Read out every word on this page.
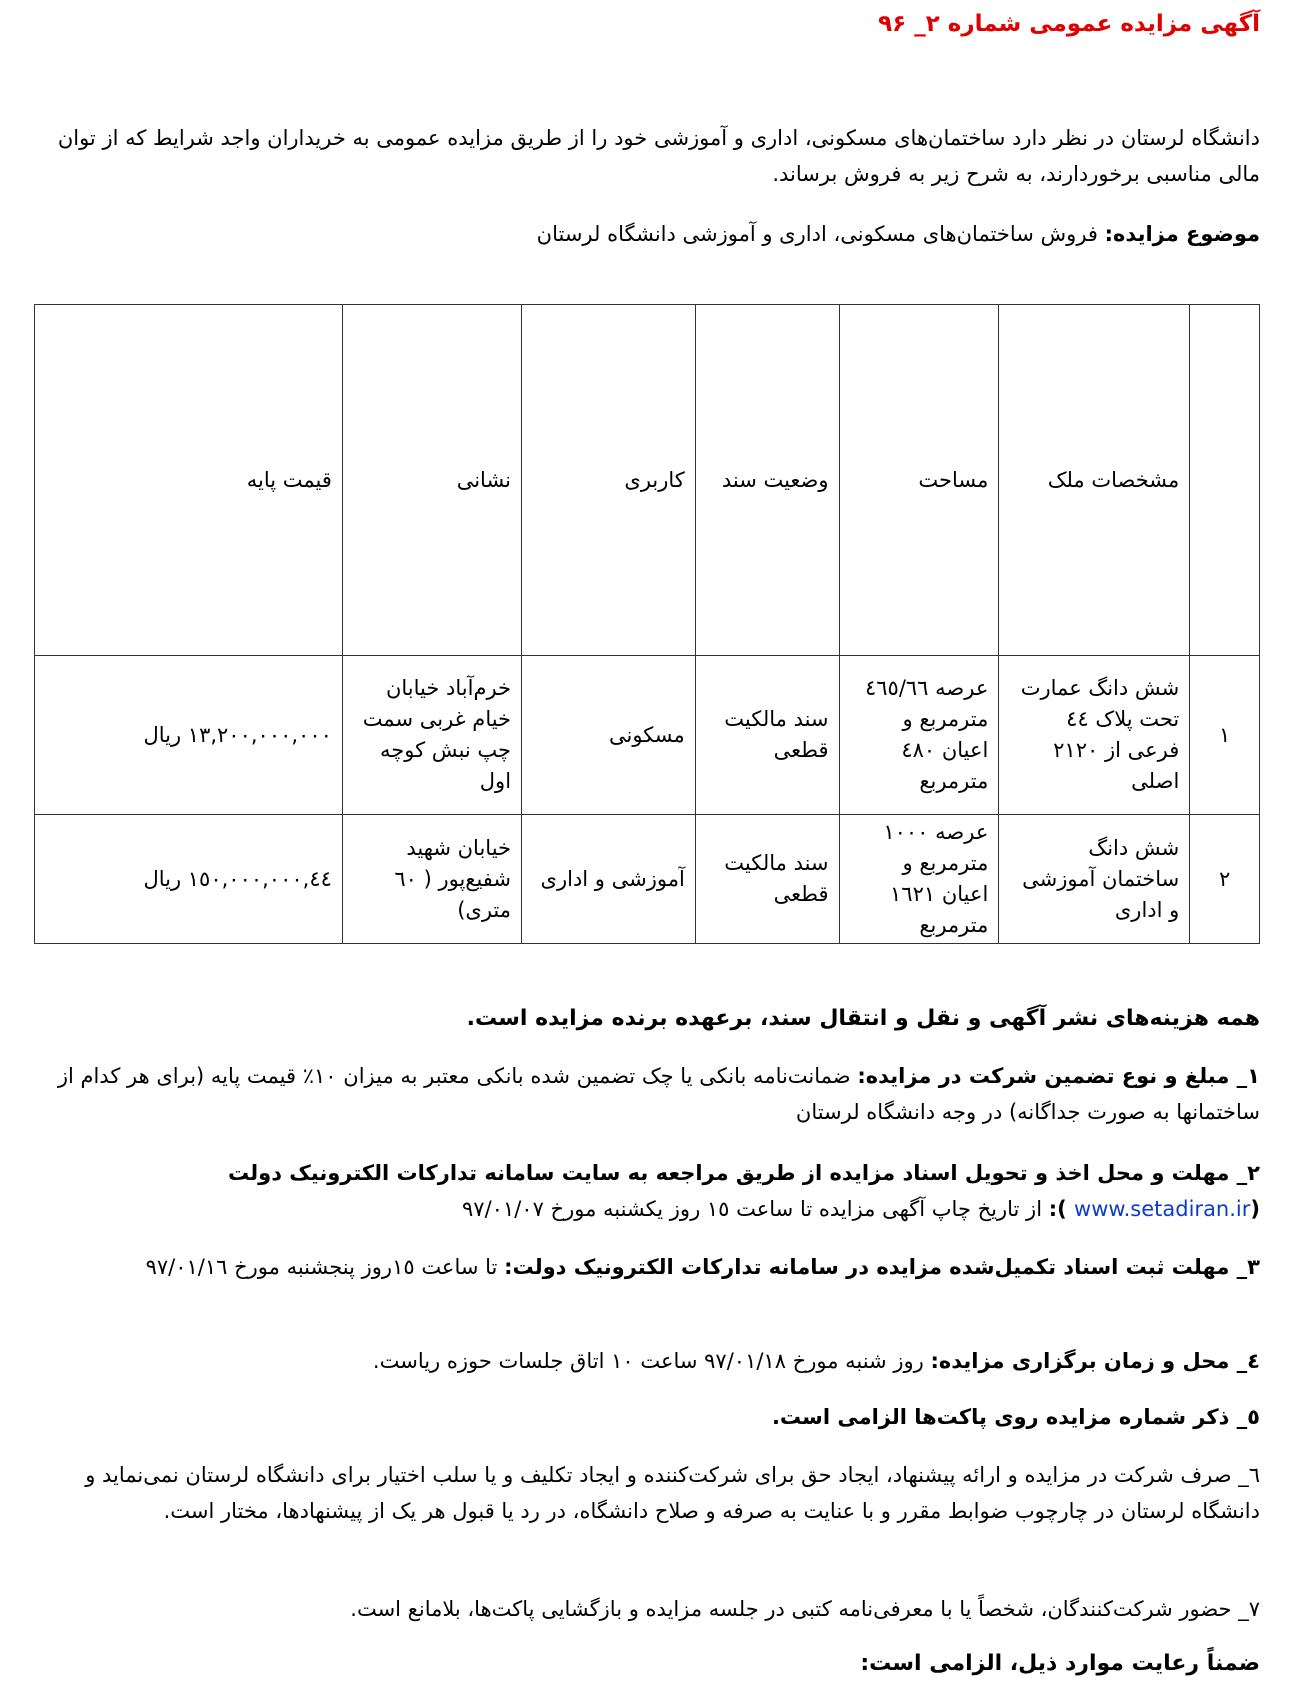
آگهی مزایده عمومی شماره ۲_ ۹۶
دانشگاه لرستان در نظر دارد ساختمان‌های مسکونی، اداری و آموزشی خود را از طریق مزایده عمومی به خریداران واجد شرایط که از توان مالی مناسبی برخوردارند، به شرح زیر به فروش برساند.
موضوع مزایده: فروش ساختمان‌های مسکونی، اداری و آموزشی دانشگاه لرستان
	مشخصات ملک	مساحت	وضعیت سند	کاربری	نشانی	قیمت پایه
۱	شش دانگ عمارت تحت پلاک ٤٤ فرعی از ۲۱۲۰ اصلی	عرصه ٤٦٥/٦٦ مترمربع و اعیان ٤۸۰ مترمربع	سند مالکیت قطعی	مسکونی	خرم‌آباد خیابان خیام غربی سمت چپ نبش کوچه اول	۱۳,۲۰۰,۰۰۰,۰۰۰ ریال
۲	شش دانگ ساختمان آموزشی و اداری	عرصه ۱۰۰۰ مترمربع و اعیان ۱٦۲۱ مترمربع	سند مالکیت قطعی	آموزشی و اداری	خیابان شهید شفیع‌پور ( ٦۰ متری)	٤٤,۱٥۰,۰۰۰,۰۰۰ ریال
همه هزینه‌های نشر آگهی و نقل و انتقال سند، برعهده برنده مزایده است.
۱_ مبلغ و نوع تضمین شرکت در مزایده: ضمانت‌نامه بانکی یا چک تضمین شده بانکی معتبر به میزان ۱۰٪ قیمت پایه (برای هر کدام از ساختمانها به صورت جداگانه) در وجه دانشگاه لرستان
۲_ مهلت و محل اخذ و تحویل اسناد مزایده از طریق مراجعه به سایت سامانه تدارکات الکترونیک دولت (www.setadiran.ir ): از تاریخ چاپ آگهی مزایده تا ساعت ۱٥ روز یکشنبه مورخ ۹۷/۰۱/۰۷
۳_ مهلت ثبت اسناد تکمیل‌شده مزایده در سامانه تدارکات الکترونیک دولت: تا ساعت ۱٥روز پنجشنبه مورخ ۹۷/۰۱/۱٦
٤_ محل و زمان برگزاری مزایده: روز شنبه مورخ ۹۷/۰۱/۱۸ ساعت ۱۰ اتاق جلسات حوزه ریاست.
٥_ ذکر شماره مزایده روی پاکت‌ها الزامی است.
٦_ صرف شرکت در مزایده و ارائه پیشنهاد، ایجاد حق برای شرکت‌کننده و ایجاد تکلیف و یا سلب اختیار برای دانشگاه لرستان نمی‌نماید و دانشگاه لرستان در چارچوب ضوابط مقرر و با عنایت به صرفه و صلاح دانشگاه، در رد یا قبول هر یک از پیشنهادها، مختار است.
۷_ حضور شرکت‌کنندگان، شخصاً یا با معرفی‌نامه کتبی در جلسه مزایده و بازگشایی پاکت‌ها، بلامانع است.
ضمناً رعایت موارد ذیل، الزامی است:
